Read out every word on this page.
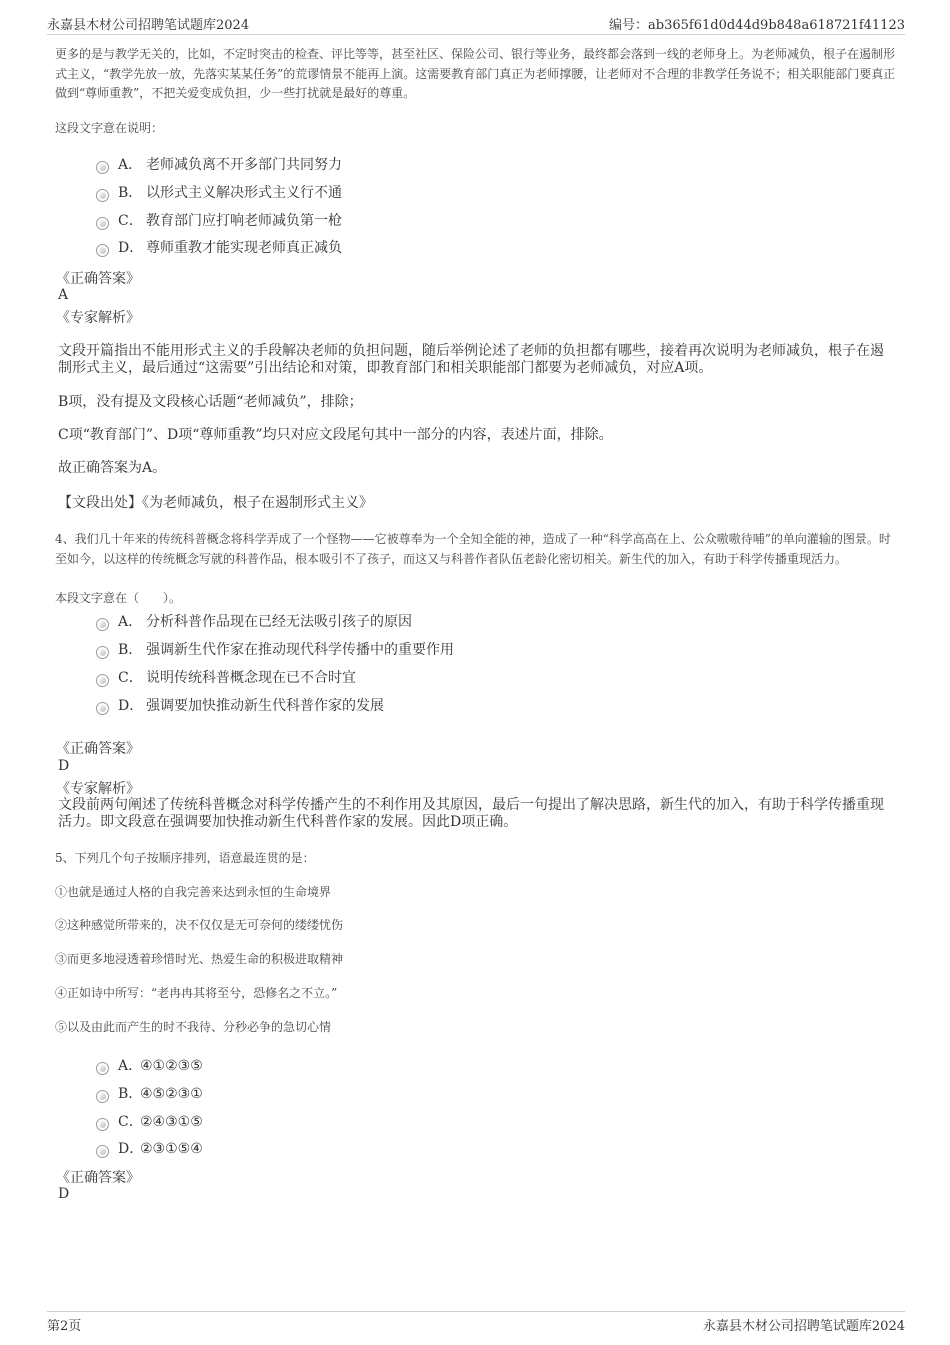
永嘉县木材公司招聘笔试题库2024	编号：ab365f61d0d44d9b848a618721f41123

更多的是与教学无关的，比如，不定时突击的检查、评比等等，甚至社区、保险公司、银行等业务，最终都会落到一线的老师身上。为老师减负，根子在遏制形式主义，“教学先放一放，先落实某某任务”的荒谬情景不能再上演。这需要教育部门真正为老师撑腰，让老师对不合理的非教学任务说不；相关职能部门要真正做到“尊师重教”，不把关爱变成负担，少一些打扰就是最好的尊重。

这段文字意在说明：

A． 老师减负离不开多部门共同努力
B． 以形式主义解决形式主义行不通
C． 教育部门应打响老师减负第一枪
D． 尊师重教才能实现老师真正减负
《正确答案》
A
《专家解析》

文段开篇指出不能用形式主义的手段解决老师的负担问题，随后举例论述了老师的负担都有哪些，接着再次说明为老师减负，根子在遏制形式主义，最后通过“这需要”引出结论和对策，即教育部门和相关职能部门都要为老师减负，对应A项。

B项，没有提及文段核心话题“老师减负”，排除；

C项“教育部门”、D项“尊师重教”均只对应文段尾句其中一部分的内容，表述片面，排除。

故正确答案为A。

【文段出处】《为老师减负，根子在遏制形式主义》

4、我们几十年来的传统科普概念将科学弄成了一个怪物——它被尊奉为一个全知全能的神，造成了一种“科学高高在上、公众嗷嗷待哺”的单向灌输的图景。时至如今，以这样的传统概念写就的科普作品，根本吸引不了孩子，而这又与科普作者队伍老龄化密切相关。新生代的加入，有助于科学传播重现活力。

本段文字意在（　　）。

A． 分析科普作品现在已经无法吸引孩子的原因
B． 强调新生代作家在推动现代科学传播中的重要作用
C． 说明传统科普概念现在已不合时宜
D． 强调要加快推动新生代科普作家的发展
《正确答案》
D
《专家解析》

文段前两句阐述了传统科普概念对科学传播产生的不利作用及其原因，最后一句提出了解决思路，新生代的加入，有助于科学传播重现活力。即文段意在强调要加快推动新生代科普作家的发展。因此D项正确。

5、下列几个句子按顺序排列，语意最连贯的是：

①也就是通过人格的自我完善来达到永恒的生命境界

②这种感觉所带来的，决不仅仅是无可奈何的缕缕忧伤

③而更多地浸透着珍惜时光、热爱生命的积极进取精神

④正如诗中所写：“老冉冉其将至兮，恐修名之不立。”

⑤以及由此而产生的时不我待、分秒必争的急切心情

A．④①②③⑤
B．④⑤②③①
C．②④③①⑤
D．②③①⑤④
《正确答案》
D
第2页	永嘉县木材公司招聘笔试题库2024
